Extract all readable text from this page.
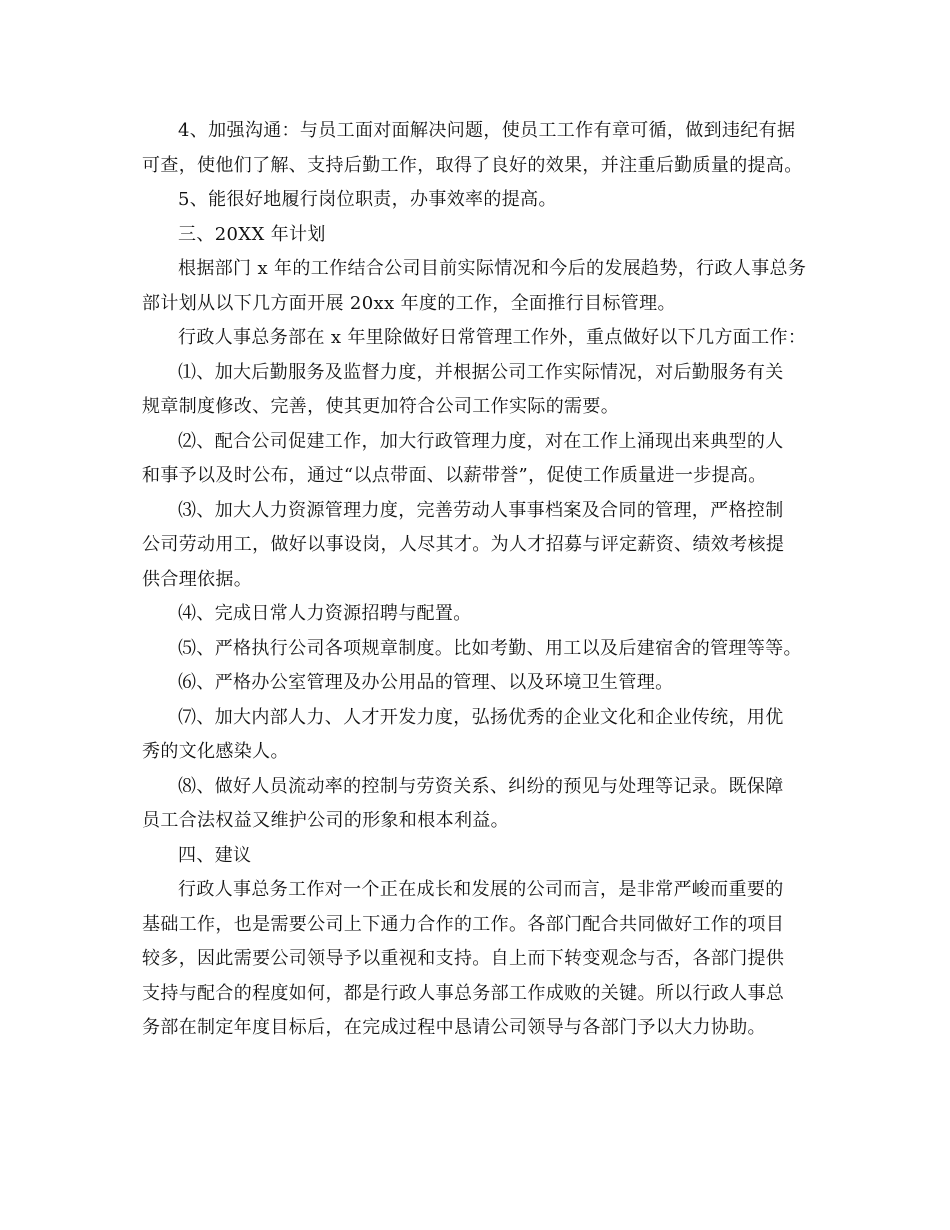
4、加强沟通：与员工面对面解决问题，使员工工作有章可循，做到违纪有据
可查，使他们了解、支持后勤工作，取得了良好的效果，并注重后勤质量的提高。
5、能很好地履行岗位职责，办事效率的提高。
三、20XX 年计划
根据部门 x 年的工作结合公司目前实际情况和今后的发展趋势，行政人事总务
部计划从以下几方面开展 20xx 年度的工作，全面推行目标管理。
行政人事总务部在 x 年里除做好日常管理工作外，重点做好以下几方面工作：
⑴、加大后勤服务及监督力度，并根据公司工作实际情况，对后勤服务有关
规章制度修改、完善，使其更加符合公司工作实际的需要。
⑵、配合公司促建工作，加大行政管理力度，对在工作上涌现出来典型的人
和事予以及时公布，通过“以点带面、以薪带誉”，促使工作质量进一步提高。
⑶、加大人力资源管理力度，完善劳动人事事档案及合同的管理，严格控制
公司劳动用工，做好以事设岗，人尽其才。为人才招募与评定薪资、绩效考核提
供合理依据。
⑷、完成日常人力资源招聘与配置。
⑸、严格执行公司各项规章制度。比如考勤、用工以及后建宿舍的管理等等。
⑹、严格办公室管理及办公用品的管理、以及环境卫生管理。
⑺、加大内部人力、人才开发力度，弘扬优秀的企业文化和企业传统，用优
秀的文化感染人。
⑻、做好人员流动率的控制与劳资关系、纠纷的预见与处理等记录。既保障
员工合法权益又维护公司的形象和根本利益。
四、建议
行政人事总务工作对一个正在成长和发展的公司而言，是非常严峻而重要的
基础工作，也是需要公司上下通力合作的工作。各部门配合共同做好工作的项目
较多，因此需要公司领导予以重视和支持。自上而下转变观念与否，各部门提供
支持与配合的程度如何，都是行政人事总务部工作成败的关键。所以行政人事总
务部在制定年度目标后，在完成过程中恳请公司领导与各部门予以大力协助。
